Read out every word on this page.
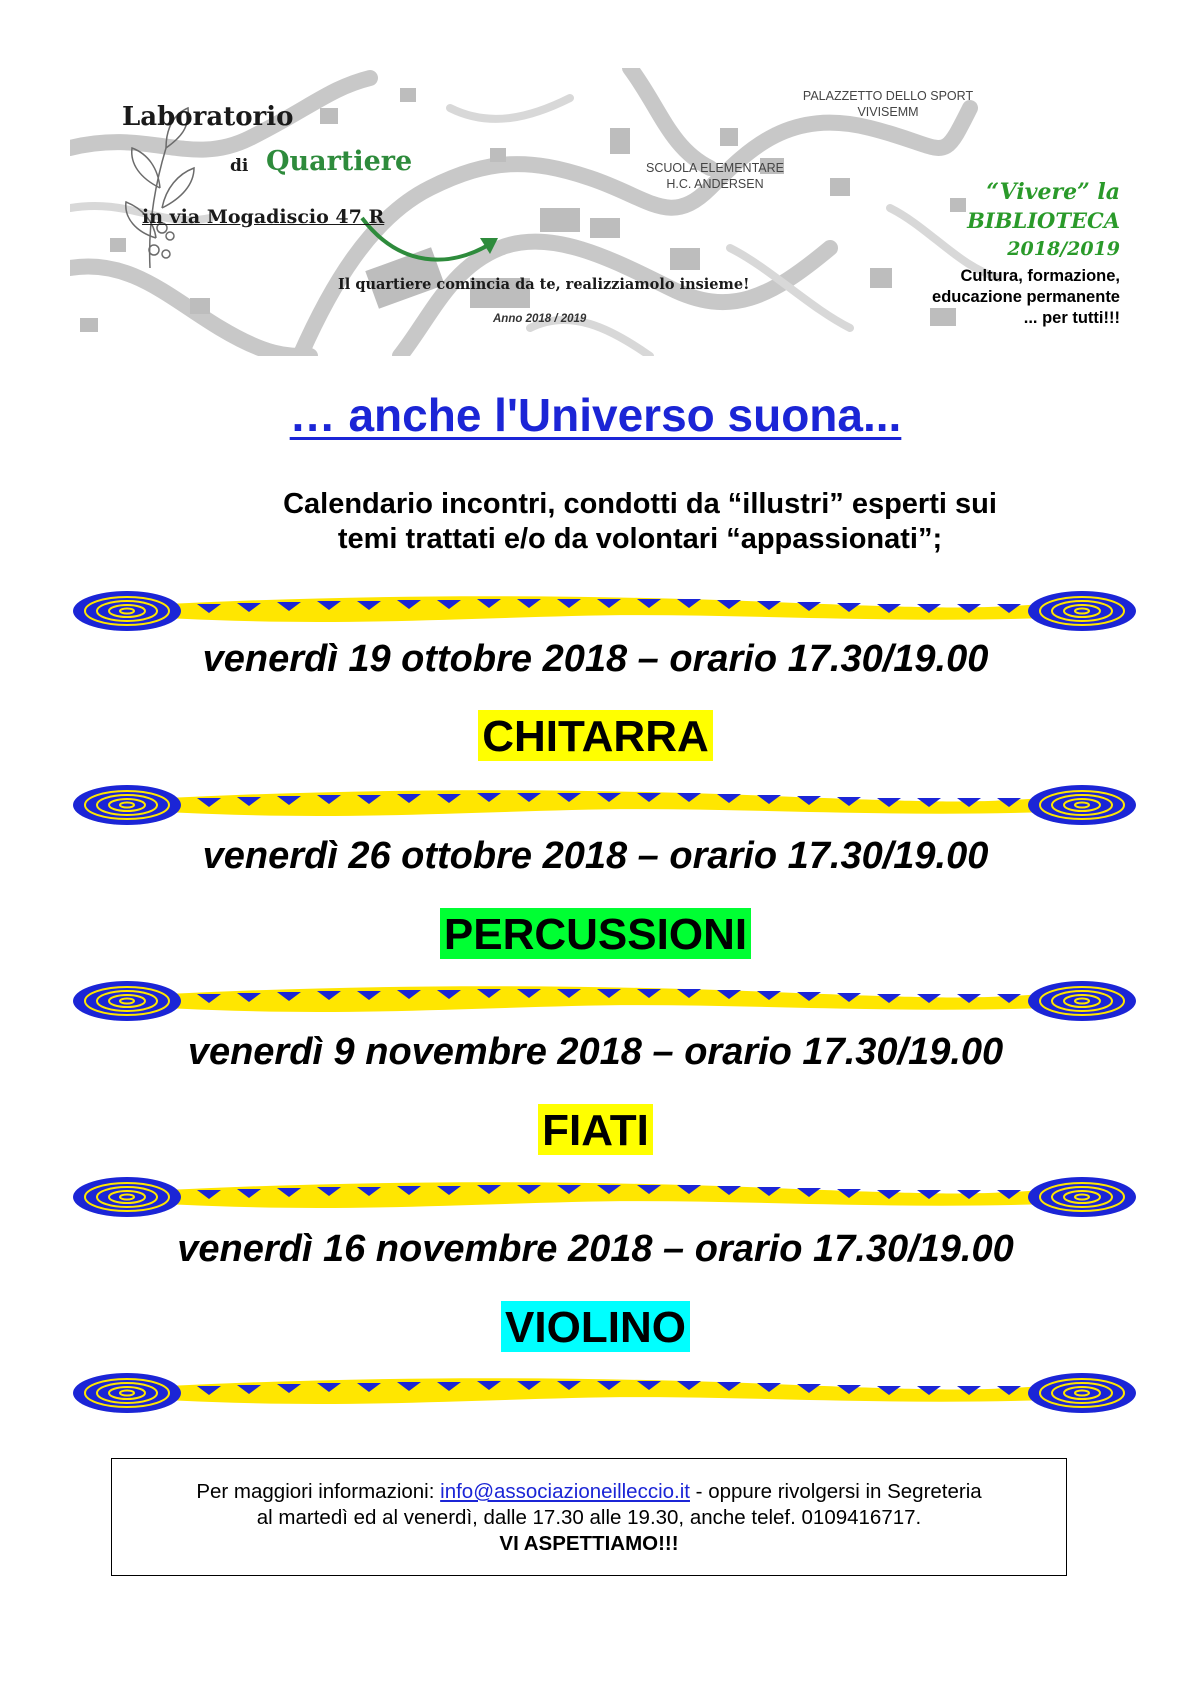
Laboratorio
di Quartiere
in via Mogadiscio 47 R
Il quartiere comincia da te, realizziamolo insieme!
Anno 2018 / 2019
PALAZZETTO DELLO SPORT
VIVISEMM
SCUOLA ELEMENTARE
H.C. ANDERSEN	“Vivere” la
BIBLIOTECA
2018/2019
Cultura, formazione,
educazione permanente
... per tutti!!!
… anche l'Universo suona...
Calendario incontri, condotti da “illustri” esperti sui
temi trattati e/o da volontari “appassionati”;
venerdì 19 ottobre 2018 – orario 17.30/19.00
CHITARRA
venerdì 26 ottobre 2018 – orario 17.30/19.00
PERCUSSIONI
venerdì 9 novembre 2018 – orario 17.30/19.00
FIATI
venerdì 16 novembre 2018 – orario 17.30/19.00
VIOLINO
Per maggiori informazioni: info@associazioneilleccio.it - oppure rivolgersi in Segreteria
al martedì ed al venerdì, dalle 17.30 alle 19.30, anche telef. 0109416717.
VI ASPETTIAMO!!!
